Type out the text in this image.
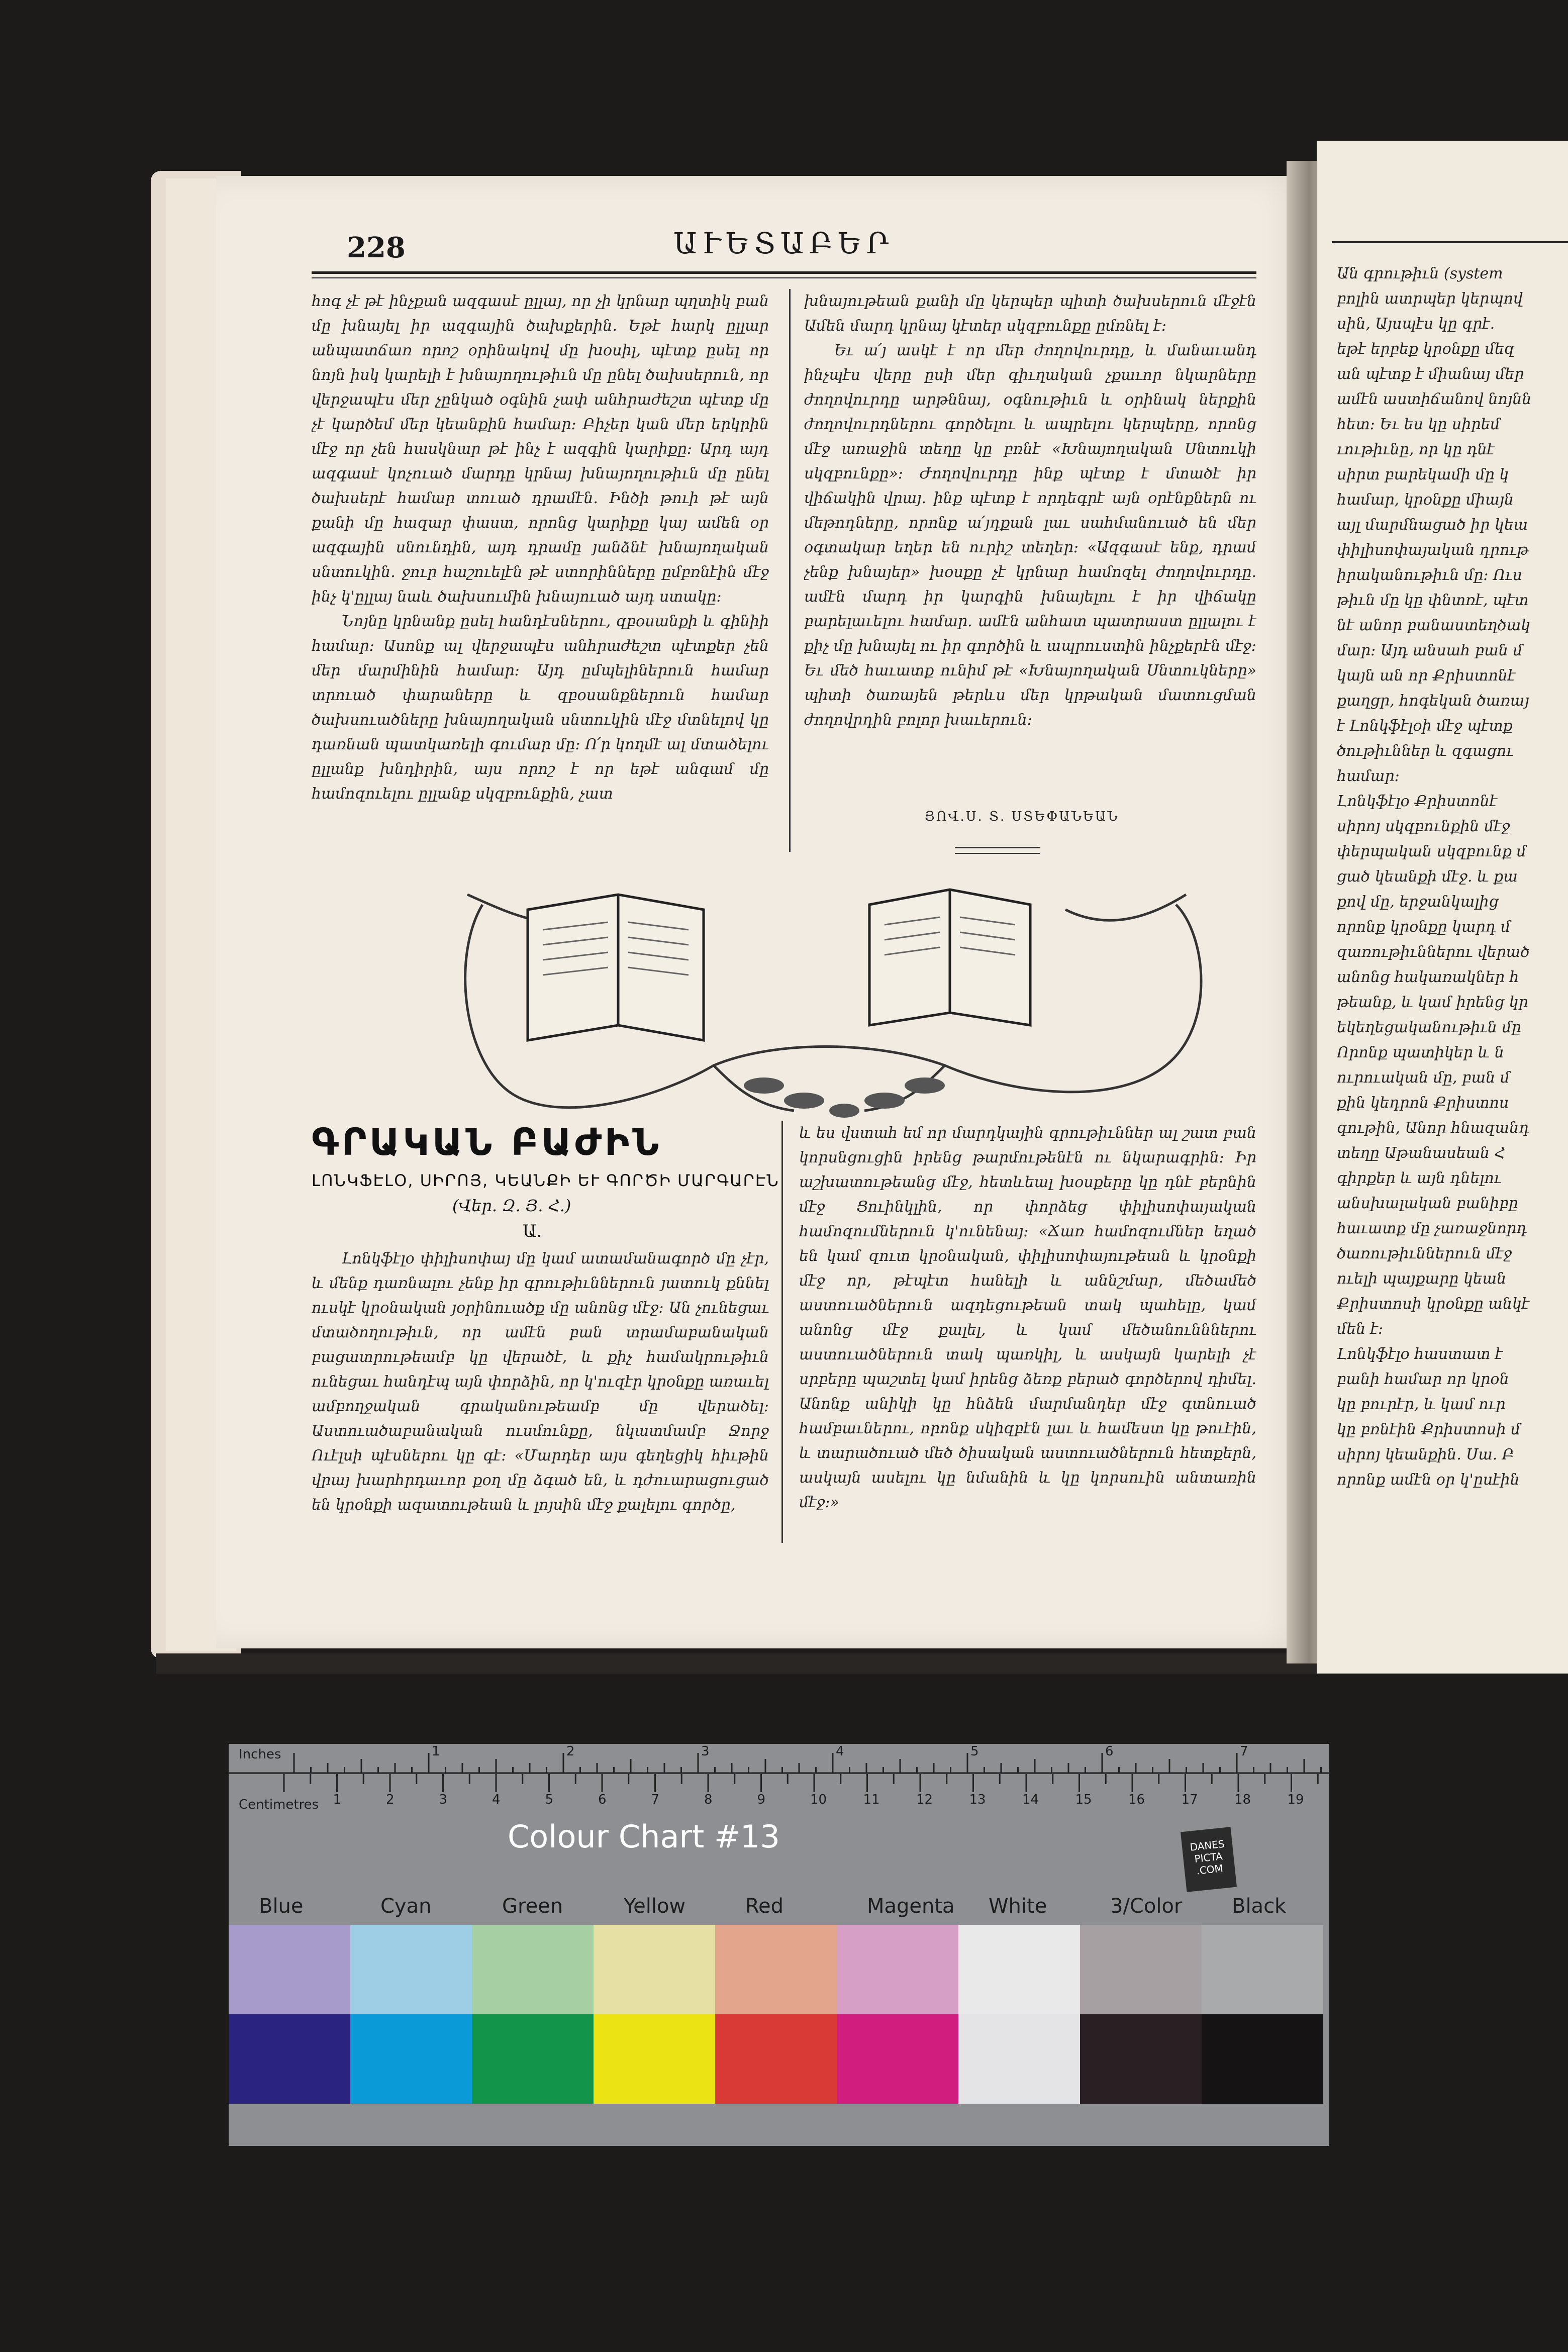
228	ԱՒԵՏԱԲԵՐ

հոգ չէ թէ ինչքան ազգասէ ըլլայ, որ չի կրնար պղտիկ բան մը խնայել իր ազգային ծախքերին. Եթէ հարկ ըլլար անպատճառ որոշ օրինակով մը խօսիլ, պէտք ըսել որ նոյն իսկ կարելի է խնայողութիւն մը ընել ծախսերուն, որ վերջապէս մեր չընկած օգնին չափ անհրաժեշտ պէտք մը չէ կարծեմ մեր կեանքին համար։ Բիչեր կան մեր երկրին մէջ որ չեն հասկնար թէ ինչ է ազգին կարիքը։ Արդ այդ ազգասէ կոչուած մարդը կրնայ խնայողութիւն մը ընել ծախսերէ համար տուած դրամէն. Ինծի թուի թէ այն քանի մը հազար փաստ, որոնց կարիքը կայ ամեն օր ազգային սնունդին, այդ դրամը յանձնէ խնայողական սնտուկին. ջուր հաշուելէն թէ ստորինները ըմբռնէին մէջ ինչ կ'ըլլայ նաև ծախսումին խնայուած այդ ստակը։

Նոյնը կրնանք ըսել հանդէսներու, զբօսանքի և գինիի համար։ Ասոնք ալ վերջապէս անհրաժեշտ պէտքեր չեն մեր մարմինին համար։ Այդ ըմպելիներուն համար տրուած փարաները և զբօսանքներուն համար ծախսուածները խնայողական սնտուկին մէջ մտնելով կը դառնան պատկառելի գումար մը։ Ո՛ր կողմէ ալ մտածելու ըլլանք խնդիրին, այս որոշ է որ եթէ անգամ մը համոզուելու ըլլանք սկզբունքին, չատ

խնայութեան քանի մը կերպեր պիտի ծախսերուն մէջէն Ամեն մարդ կրնայ կէտեր սկզբունքը ըմռնել է։

Եւ ա՛յ ասկէ է որ մեր ժողովուրդը, և մանաւանդ ինչպէս վերը ըսի մեր գիւղական չքաւոր նկարները ժողովուրդը արթննայ, օգնութիւն և օրինակ ներքին ժողովուրդներու գործելու և ապրելու կերպերը, որոնց մէջ առաջին տեղը կը բռնէ «Խնայողական Սնտուկի սկզբունքը»։ Ժողովուրդը ինք պէտք է մտածէ իր վիճակին վրայ. ինք պէտք է որդեգրէ այն օրէնքներն ու մեթոդները, որոնք ա՛յդքան լաւ սահմանուած են մեր օգտակար եղեր են ուրիշ տեղեր։ «Ազգասէ ենք, դրամ չենք խնայեր» խօսքը չէ կրնար համոզել ժողովուրդը. ամէն մարդ իր կարգին խնայելու է իր վիճակը բարելաւելու համար. ամէն անհատ պատրաստ ըլլալու է քիչ մը խնայել ու իր գործին և ապրուստին ինչքերէն մէջ։ Եւ մեծ հաւատք ունիմ թէ «Խնայողական Սնտուկները» պիտի ծառայեն թերևս մեր կրթական մատուցման ժողովրդին բոլոր խաւերուն։

ՅՈՎ.Ս. Տ. ՍՏԵՓԱՆԵԱՆ
ԳՐԱԿԱՆ ԲԱԺԻՆ
ԼՈՆԿՖԷԼՕ, ՍԻՐՈՅ, ԿԵԱՆՔԻ ԵՒ ԳՈՐԾԻ ՄԱՐԳԱՐԷՆ
(Վեր. Զ. Յ. Հ.)
Ա.

Լոնկֆէլօ փիլիսոփայ մը կամ ատամանագործ մը չէր, և մենք դառնալու չենք իր գրութիւններուն յատուկ քննել ուսկէ կրօնական յօրինուածք մը անոնց մէջ։ Ան չունեցաւ մտածողութիւն, որ ամէն բան տրամաբանական բացատրութեամբ կը վերածէ, և քիչ համակրութիւն ունեցաւ հանդէպ այն փորձին, որ կ'ուզէր կրօնքը առաւել ամբողջական գրականութեամբ մը վերածել։ Աստուածաբանական ուսմունքը, նկատմամբ Ջորջ Ուէլսի պէսներու կը գէ։ «Մարդեր այս գեղեցիկ հիւթին վրայ խարհրդաւոր քօղ մը ձգած են, և դժուարացուցած են կրօնքի ազատութեան և լոյսին մէջ քալելու գործը,

և ես վստահ եմ որ մարդկային գրութիւններ ալ շատ բան կորսնցուցին իրենց թարմութենէն ու նկարագրին։ Իր աշխատութեանց մէջ, հետևեալ խօսքերը կը դնէ բերնին մէջ Ցուինկլին, որ փորձեց փիլիսոփայական համոզումներուն կ'ունենայ։ «Ճառ համոզումներ եղած են կամ զուտ կրօնական, փիլիսոփայութեան և կրօնքի մէջ որ, թէպէտ հանելի և աննշմար, մեծամեծ աստուածներուն ազդեցութեան տակ պահելը, կամ անոնց մէջ քալել, և կամ մեծանունններու աստուածներուն տակ պառկիլ, և ասկայն կարելի չէ սրբերը պաշտել կամ իրենց ձեռք բերած գործերով դիմել. Անոնք անիկի կը հնձեն մարմանդեր մէջ գտնուած համբաւներու, որոնք սկիզբէն լաւ և համեստ կը թուէին, և տարածուած մեծ ծիսական աստուածներուն հետքերն, ասկայն ասելու կը նմանին և կը կորսուին անտառին մէջ։»

Ան գրութիւն (system
բոլին ատրպեր կերպով
սին, Այսպէս կը գրէ.
եթէ երբեք կրօնքը մեզ
ան պէտք է միանայ մեր
ամէն աստիճանով նոյնն
հետ։ Եւ ես կը սիրեմ
ւութիւնը, որ կը դնէ
սիրտ բարեկամի մը կ
համար, կրօնքը միայն
այլ մարմնացած իր կեա
փիլիսոփայական դրութ
իրականութիւն մը։ Ուս
թիւն մը կը փնտռէ, պէտ
նէ անոր բանաստեղծակ
մար։ Այդ անսահ բան մ
կայն ան որ Քրիստոնէ
քաղցր, հոգեկան ծառայ
է Լոնկֆէլօի մէջ պէտք
ծութիւններ և զգացու
համար։
Լոնկֆէլօ Քրիստոնէ
սիրոյ սկզբունքին մէջ
փերպական սկզբունք մ
ցած կեանքի մէջ. և քա
քով մը, երջանկալից
որոնք կրօնքը կարդ մ
զառութիւններու վերած
անոնց հակառակներ հ
թեանք, և կամ իրենց կր
եկեղեցականութիւն մը
Որոնք պատիկեր և ն
ուրուական մը, բան մ
քին կեդրոն Քրիստոս
գութին, Անոր հնազանդ
տեղը Աթանասեան Հ
գիրքեր և այն դնելու
անսխալական բանիբը
հաւատք մը չառաջնորդ
ծառութիւններուն մէջ
ուելի պայքարը կեան
Քրիստոսի կրօնքը անկէ
մեն է։
Լոնկֆէլօ հաստատ է
բանի համար որ կրօն
կը բուրէր, և կամ ուր
կը բռնէին Քրիստոսի մ
սիրոյ կեանքին. Սա. Բ
որոնք ամէն օր կ'ըսէին
Inches
Centimetres
1	2	3	4	5	6	7	8
1	2	3	4	5	6	7	8	9	10	11	12	13	14	15	16	17	18	19
Colour Chart #13	DANES PICTA .COM
Blue	Cyan	Green	Yellow	Red	Magenta White	3/Color Black
